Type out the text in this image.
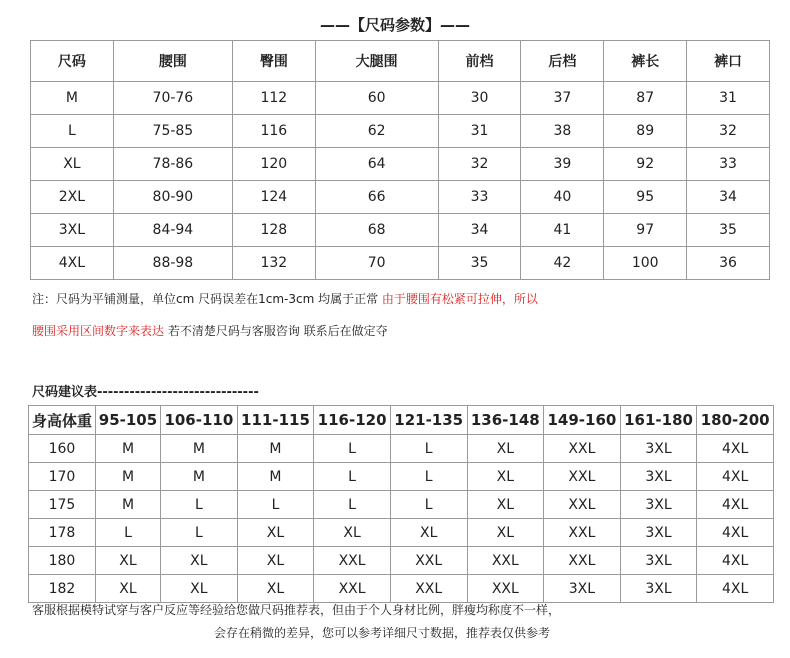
——【尺码参数】——
尺码	腰围	臀围	大腿围	前档	后档	裤长	裤口
M	70-76	112	60	30	37	87	31
L	75-85	116	62	31	38	89	32
XL	78-86	120	64	32	39	92	33
2XL	80-90	124	66	33	40	95	34
3XL	84-94	128	68	34	41	97	35
4XL	88-98	132	70	35	42	100	36
注：尺码为平铺测量，单位cm 尺码误差在1cm-3cm 均属于正常 由于腰围有松紧可拉伸，所以
腰围采用区间数字来表达 若不清楚尺码与客服咨询 联系后在做定夺
尺码建议表------------------------------
身高体重	95-105	106-110	111-115	116-120	121-135	136-148	149-160	161-180	180-200
160	M	M	M	L	L	XL	XXL	3XL	4XL
170	M	M	M	L	L	XL	XXL	3XL	4XL
175	M	L	L	L	L	XL	XXL	3XL	4XL
178	L	L	XL	XL	XL	XL	XXL	3XL	4XL
180	XL	XL	XL	XXL	XXL	XXL	XXL	3XL	4XL
182	XL	XL	XL	XXL	XXL	XXL	3XL	3XL	4XL
客服根据模特试穿与客户反应等经验给您做尺码推荐表，但由于个人身材比例，胖瘦均称度不一样，
会存在稍微的差异，您可以参考详细尺寸数据，推荐表仅供参考
